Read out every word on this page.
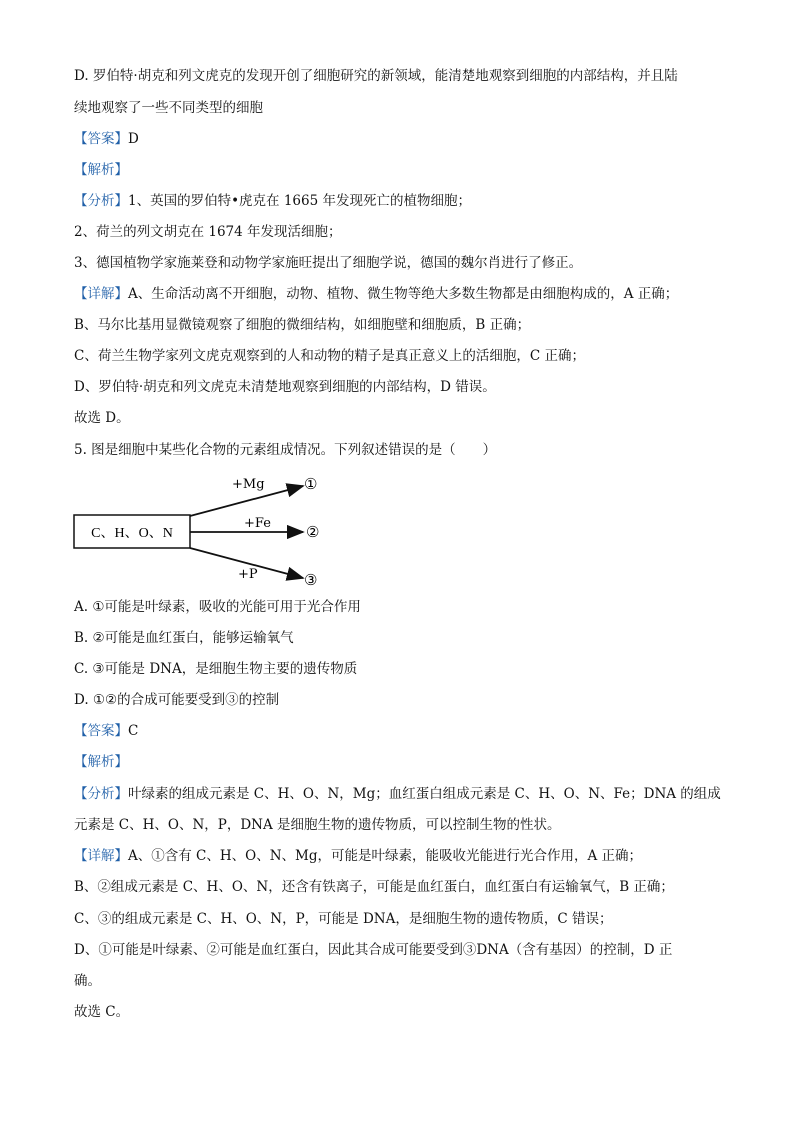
D. 罗伯特·胡克和列文虎克的发现开创了细胞研究的新领域，能清楚地观察到细胞的内部结构，并且陆
续地观察了一些不同类型的细胞
【答案】D
【解析】
【分析】1、英国的罗伯特•虎克在 1665 年发现死亡的植物细胞；
2、荷兰的列文胡克在 1674 年发现活细胞；
3、德国植物学家施莱登和动物学家施旺提出了细胞学说，德国的魏尔肖进行了修正。
【详解】A、生命活动离不开细胞，动物、植物、微生物等绝大多数生物都是由细胞构成的，A 正确；
B、马尔比基用显微镜观察了细胞的微细结构，如细胞壁和细胞质，B 正确；
C、荷兰生物学家列文虎克观察到的人和动物的精子是真正意义上的活细胞，C 正确；
D、罗伯特·胡克和列文虎克未清楚地观察到细胞的内部结构，D 错误。
故选 D。
5. 图是细胞中某些化合物的元素组成情况。下列叙述错误的是（　　）
C、H、O、N
+Mg
+Fe
+P
①
②
③
A. ①可能是叶绿素，吸收的光能可用于光合作用
B. ②可能是血红蛋白，能够运输氧气
C. ③可能是 DNA，是细胞生物主要的遗传物质
D. ①②的合成可能要受到③的控制
【答案】C
【解析】
【分析】叶绿素的组成元素是 C、H、O、N，Mg；血红蛋白组成元素是 C、H、O、N、Fe；DNA 的组成
元素是 C、H、O、N，P，DNA 是细胞生物的遗传物质，可以控制生物的性状。
【详解】A、①含有 C、H、O、N、Mg，可能是叶绿素，能吸收光能进行光合作用，A 正确；
B、②组成元素是 C、H、O、N，还含有铁离子，可能是血红蛋白，血红蛋白有运输氧气，B 正确；
C、③的组成元素是 C、H、O、N，P，可能是 DNA，是细胞生物的遗传物质，C 错误；
D、①可能是叶绿素、②可能是血红蛋白，因此其合成可能要受到③DNA（含有基因）的控制，D 正
确。
故选 C。
